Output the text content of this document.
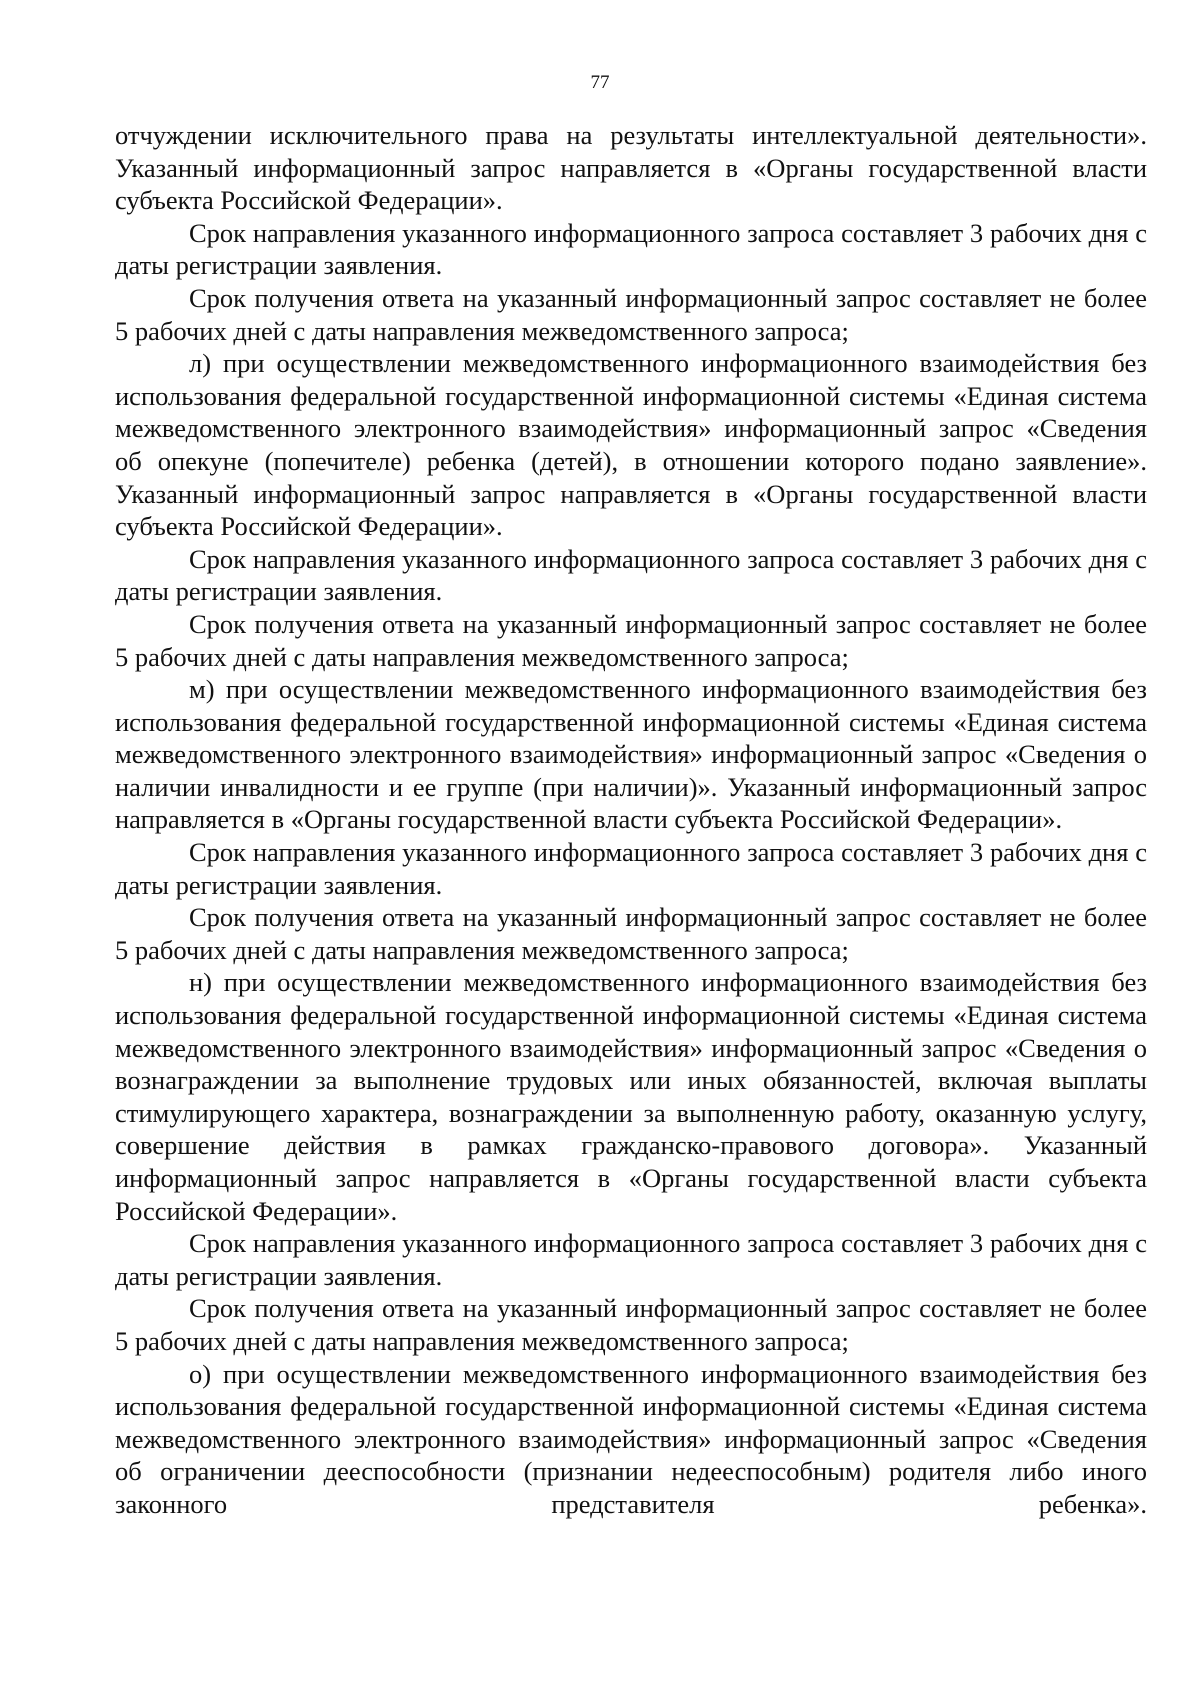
77

отчуждении исключительного права на результаты интеллектуальной деятельности». Указанный информационный запрос направляется в «Органы государственной власти субъекта Российской Федерации».

Срок направления указанного информационного запроса составляет 3 рабочих дня с даты регистрации заявления.

Срок получения ответа на указанный информационный запрос составляет не более 5 рабочих дней с даты направления межведомственного запроса;

л) при осуществлении межведомственного информационного взаимодействия без использования федеральной государственной информационной системы «Единая система межведомственного электронного взаимодействия» информационный запрос «Сведения об опекуне (попечителе) ребенка (детей), в отношении которого подано заявление». Указанный информационный запрос направляется в «Органы государственной власти субъекта Российской Федерации».

Срок направления указанного информационного запроса составляет 3 рабочих дня с даты регистрации заявления.

Срок получения ответа на указанный информационный запрос составляет не более 5 рабочих дней с даты направления межведомственного запроса;

м) при осуществлении межведомственного информационного взаимодействия без использования федеральной государственной информационной системы «Единая система межведомственного электронного взаимодействия» информационный запрос «Сведения о наличии инвалидности и ее группе (при наличии)». Указанный информационный запрос направляется в «Органы государственной власти субъекта Российской Федерации».

Срок направления указанного информационного запроса составляет 3 рабочих дня с даты регистрации заявления.

Срок получения ответа на указанный информационный запрос составляет не более 5 рабочих дней с даты направления межведомственного запроса;

н) при осуществлении межведомственного информационного взаимодействия без использования федеральной государственной информационной системы «Единая система межведомственного электронного взаимодействия» информационный запрос «Сведения о вознаграждении за выполнение трудовых или иных обязанностей, включая выплаты стимулирующего характера, вознаграждении за выполненную работу, оказанную услугу, совершение действия в рамках гражданско-правового договора». Указанный информационный запрос направляется в «Органы государственной власти субъекта Российской Федерации».

Срок направления указанного информационного запроса составляет 3 рабочих дня с даты регистрации заявления.

Срок получения ответа на указанный информационный запрос составляет не более 5 рабочих дней с даты направления межведомственного запроса;

о) при осуществлении межведомственного информационного взаимодействия без использования федеральной государственной информационной системы «Единая система межведомственного электронного взаимодействия» информационный запрос «Сведения об ограничении дееспособности (признании недееспособным) родителя либо иного законного представителя ребенка».
